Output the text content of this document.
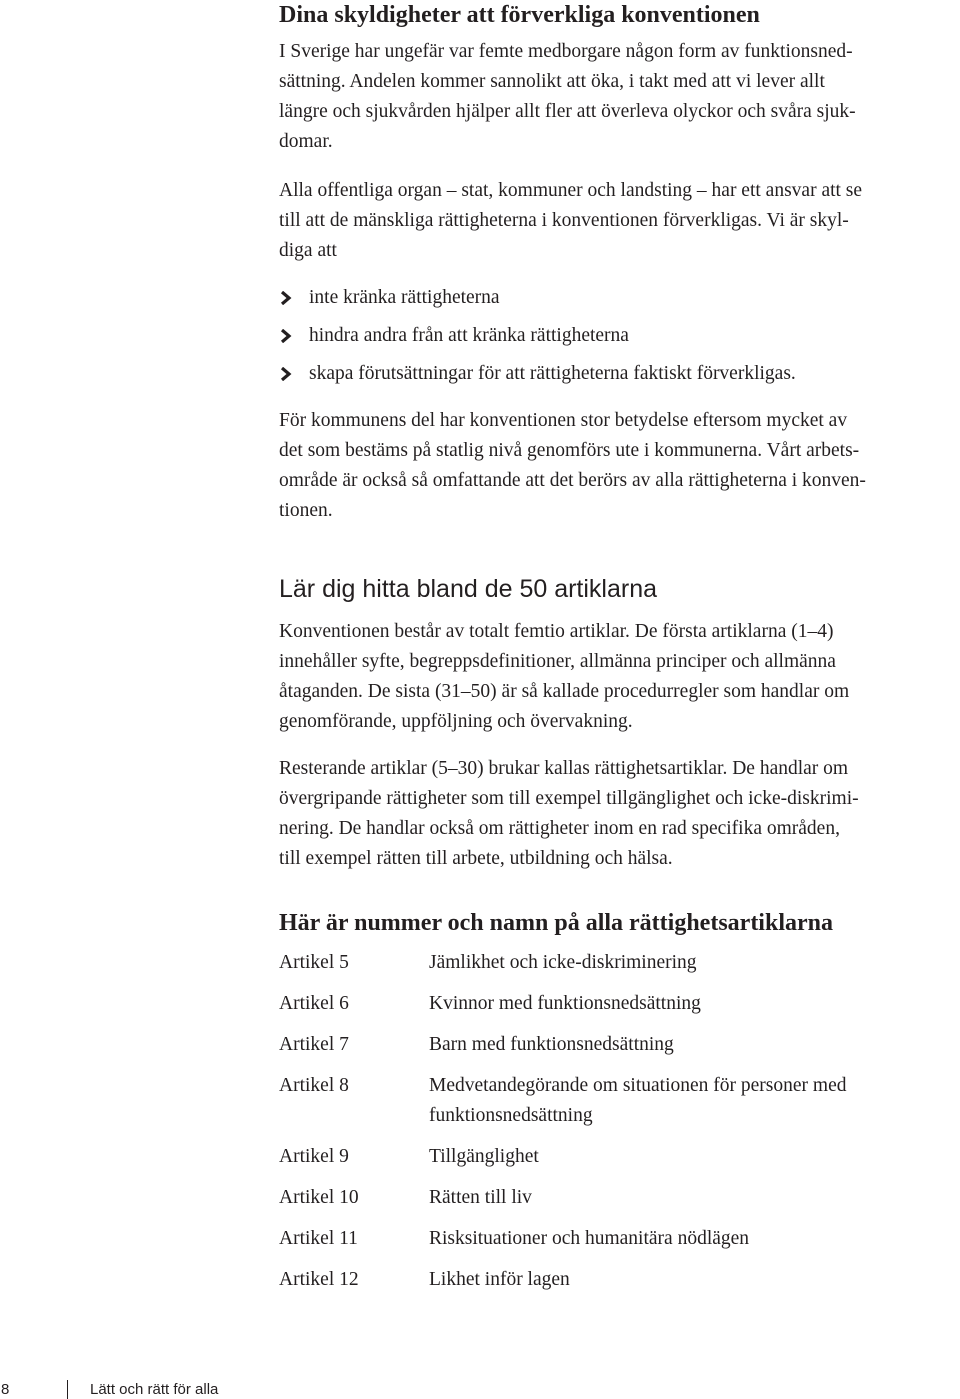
Dina skyldigheter att förverkliga konventionen

I Sverige har ungefär var femte medborgare någon form av funktionsned-
sättning. Andelen kommer sannolikt att öka, i takt med att vi lever allt
längre och sjukvården hjälper allt fler att överleva olyckor och svåra sjuk-
domar.

Alla offentliga organ – stat, kommuner och landsting – har ett ansvar att se
till att de mänskliga rättigheterna i konventionen förverkligas. Vi är skyl-
diga att

inte kränka rättigheterna
hindra andra från att kränka rättigheterna
skapa förutsättningar för att rättigheterna faktiskt förverkligas.

För kommunens del har konventionen stor betydelse eftersom mycket av
det som bestäms på statlig nivå genomförs ute i kommunerna. Vårt arbets-
område är också så omfattande att det berörs av alla rättigheterna i konven-
tionen.

Lär dig hitta bland de 50 artiklarna

Konventionen består av totalt femtio artiklar. De första artiklarna (1–4)
innehåller syfte, begreppsdefinitioner, allmänna principer och allmänna
åtaganden. De sista (31–50) är så kallade procedurregler som handlar om
genomförande, uppföljning och övervakning.

Resterande artiklar (5–30) brukar kallas rättighetsartiklar. De handlar om
övergripande rättigheter som till exempel tillgänglighet och icke-diskrimi-
nering. De handlar också om rättigheter inom en rad specifika områden,
till exempel rätten till arbete, utbildning och hälsa.

Här är nummer och namn på alla rättighetsartiklarna
Artikel 5	Jämlikhet och icke-diskriminering
Artikel 6	Kvinnor med funktionsnedsättning
Artikel 7	Barn med funktionsnedsättning
Artikel 8	Medvetandegörande om situationen för personer med funktionsnedsättning
Artikel 9	Tillgänglighet
Artikel 10	Rätten till liv
Artikel 11	Risksituationer och humanitära nödlägen
Artikel 12	Likhet inför lagen
8	Lätt och rätt för alla
